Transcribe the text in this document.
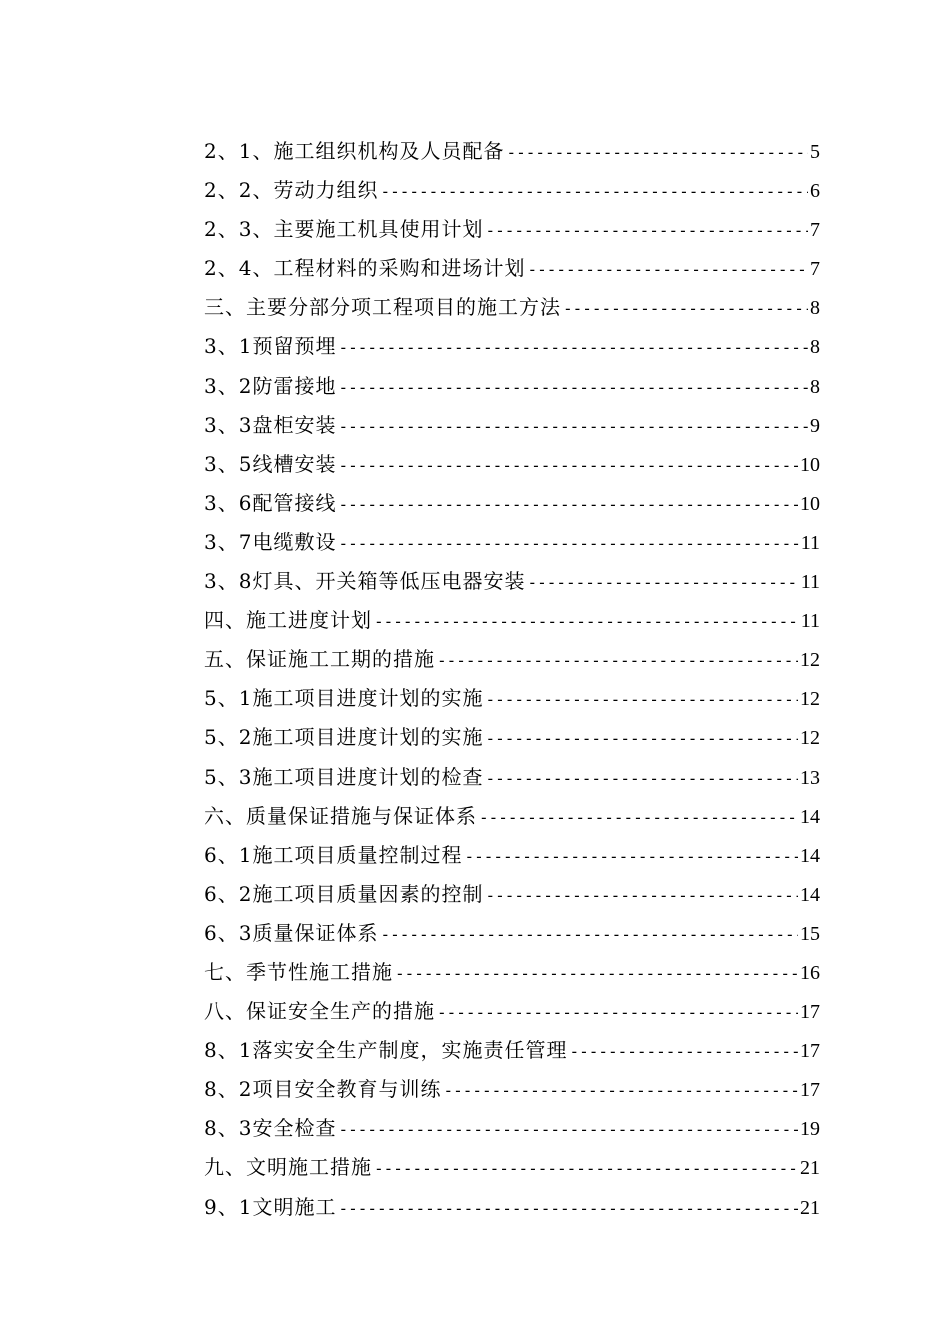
2、1、施工组织机构及人员配备 -----	5
2、2、劳动力组织 -----	6
2、3、主要施工机具使用计划 -----	7
2、4、工程材料的采购和进场计划 -----	7
三、主要分部分项工程项目的施工方法 -----	8
3、1预留预埋 -----	8
3、2防雷接地 -----	8
3、3盘柜安装 -----	9
3、5线槽安装 -----	10
3、6配管接线 -----	10
3、7电缆敷设 -----	11
3、8灯具、开关箱等低压电器安装 -----	11
四、施工进度计划 -----	11
五、保证施工工期的措施 -----	12
5、1施工项目进度计划的实施 -----	12
5、2施工项目进度计划的实施 -----	12
5、3施工项目进度计划的检查 -----	13
六、质量保证措施与保证体系 -----	14
6、1施工项目质量控制过程 -----	14
6、2施工项目质量因素的控制 -----	14
6、3质量保证体系 -----	15
七、季节性施工措施 -----	16
八、保证安全生产的措施 -----	17
8、1落实安全生产制度，实施责任管理 -----	17
8、2项目安全教育与训练 -----	17
8、3安全检查 -----	19
九、文明施工措施 -----	21
9、1文明施工 -----	21
